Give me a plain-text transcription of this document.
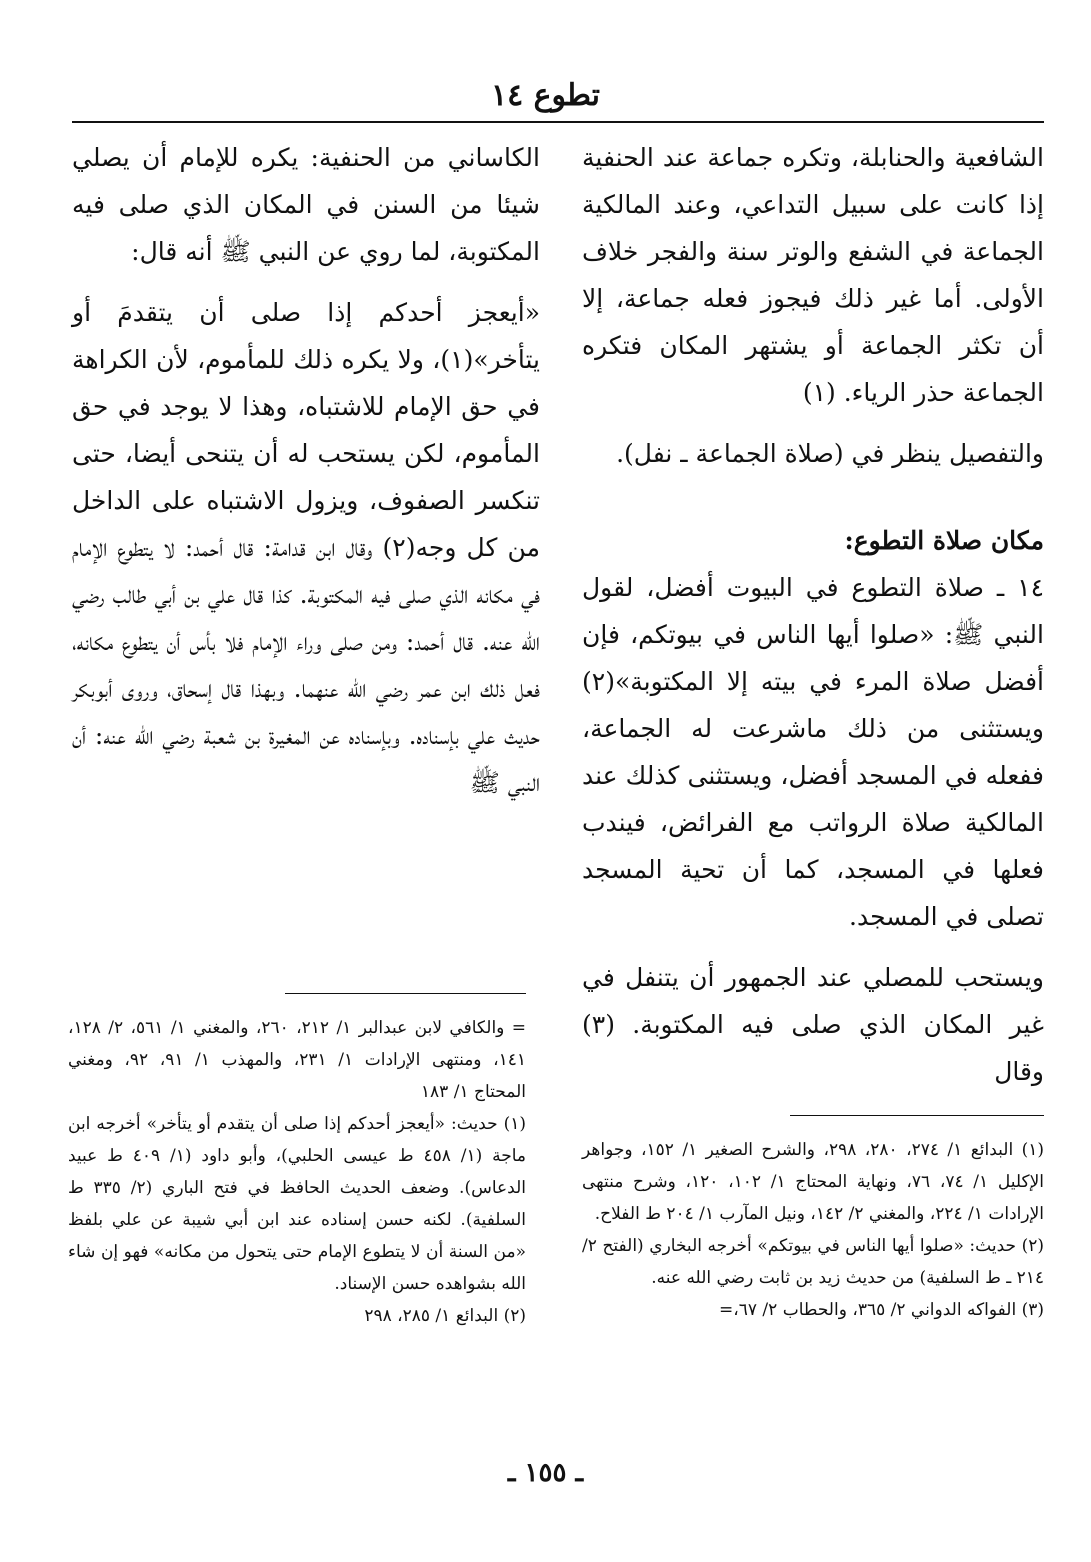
تطوع ١٤

الشافعية والحنابلة، وتكره جماعة عند الحنفية إذا كانت على سبيل التداعي، وعند المالكية الجماعة في الشفع والوتر سنة والفجر خلاف الأولى. أما غير ذلك فيجوز فعله جماعة، إلا أن تكثر الجماعة أو يشتهر المكان فتكره الجماعة حذر الرياء. (١)

والتفصيل ينظر في (صلاة الجماعة ـ نفل).

مكان صلاة التطوع:

١٤ ـ صلاة التطوع في البيوت أفضل، لقول النبي ﷺ: «صلوا أيها الناس في بيوتكم، فإن أفضل صلاة المرء في بيته إلا المكتوبة»(٢) ويستثنى من ذلك ماشرعت له الجماعة، ففعله في المسجد أفضل، ويستثنى كذلك عند المالكية صلاة الرواتب مع الفرائض، فيندب فعلها في المسجد، كما أن تحية المسجد تصلى في المسجد.

ويستحب للمصلي عند الجمهور أن يتنفل في غير المكان الذي صلى فيه المكتوبة. (٣) وقال

الكاساني من الحنفية: يكره للإمام أن يصلي شيئا من السنن في المكان الذي صلى فيه المكتوبة، لما روي عن النبي ﷺ أنه قال:

«أيعجز أحدكم إذا صلى أن يتقدمَ أو يتأخر»(١)، ولا يكره ذلك للمأموم، لأن الكراهة في حق الإمام للاشتباه، وهذا لا يوجد في حق المأموم، لكن يستحب له أن يتنحى أيضا، حتى تنكسر الصفوف، ويزول الاشتباه على الداخل من كل وجه(٢) وقال ابن قدامة: قال أحمد: لا يتطوع الإمام في مكانه الذي صلى فيه المكتوبة. كذا قال علي بن أبي طالب رضي الله عنه. قال أحمد: ومن صلى وراء الإمام فلا بأس أن يتطوع مكانه، فعل ذلك ابن عمر رضي الله عنهما. وبهذا قال إسحاق، وروى أبوبكر حديث علي بإسناده. وبإسناده عن المغيرة بن شعبة رضي الله عنه: أن النبي ﷺ

= والكافي لابن عبدالبر ١/ ٢١٢، ٢٦٠، والمغني ١/ ٥٦١، ٢/ ١٢٨، ١٤١، ومنتهى الإرادات ١/ ٢٣١، والمهذب ١/ ٩١، ٩٢، ومغني المحتاج ١/ ١٨٣

(١) حديث: «أيعجز أحدكم إذا صلى أن يتقدم أو يتأخر» أخرجه ابن ماجة (١/ ٤٥٨ ط عيسى الحلبي)، وأبو داود (١/ ٤٠٩ ط عبيد الدعاس). وضعف الحديث الحافظ في فتح الباري (٢/ ٣٣٥ ط السلفية). لكنه حسن إسناده عند ابن أبي شيبة عن علي بلفظ «من السنة أن لا يتطوع الإمام حتى يتحول من مكانه» فهو إن شاء الله بشواهده حسن الإسناد.

(٢) البدائع ١/ ٢٨٥، ٢٩٨

(١) البدائع ١/ ٢٧٤، ٢٨٠، ٢٩٨، والشرح الصغير ١/ ١٥٢، وجواهر الإكليل ١/ ٧٤، ٧٦، ونهاية المحتاج ١/ ١٠٢، ١٢٠، وشرح منتهى الإرادات ١/ ٢٢٤، والمغني ٢/ ١٤٢، ونيل المآرب ١/ ٢٠٤ ط الفلاح.

(٢) حديث: «صلوا أيها الناس في بيوتكم» أخرجه البخاري (الفتح ٢/ ٢١٤ ـ ط السلفية) من حديث زيد بن ثابت رضي الله عنه.

(٣) الفواكه الدواني ٢/ ٣٦٥، والحطاب ٢/ ٦٧،=

ـ ١٥٥ ـ
